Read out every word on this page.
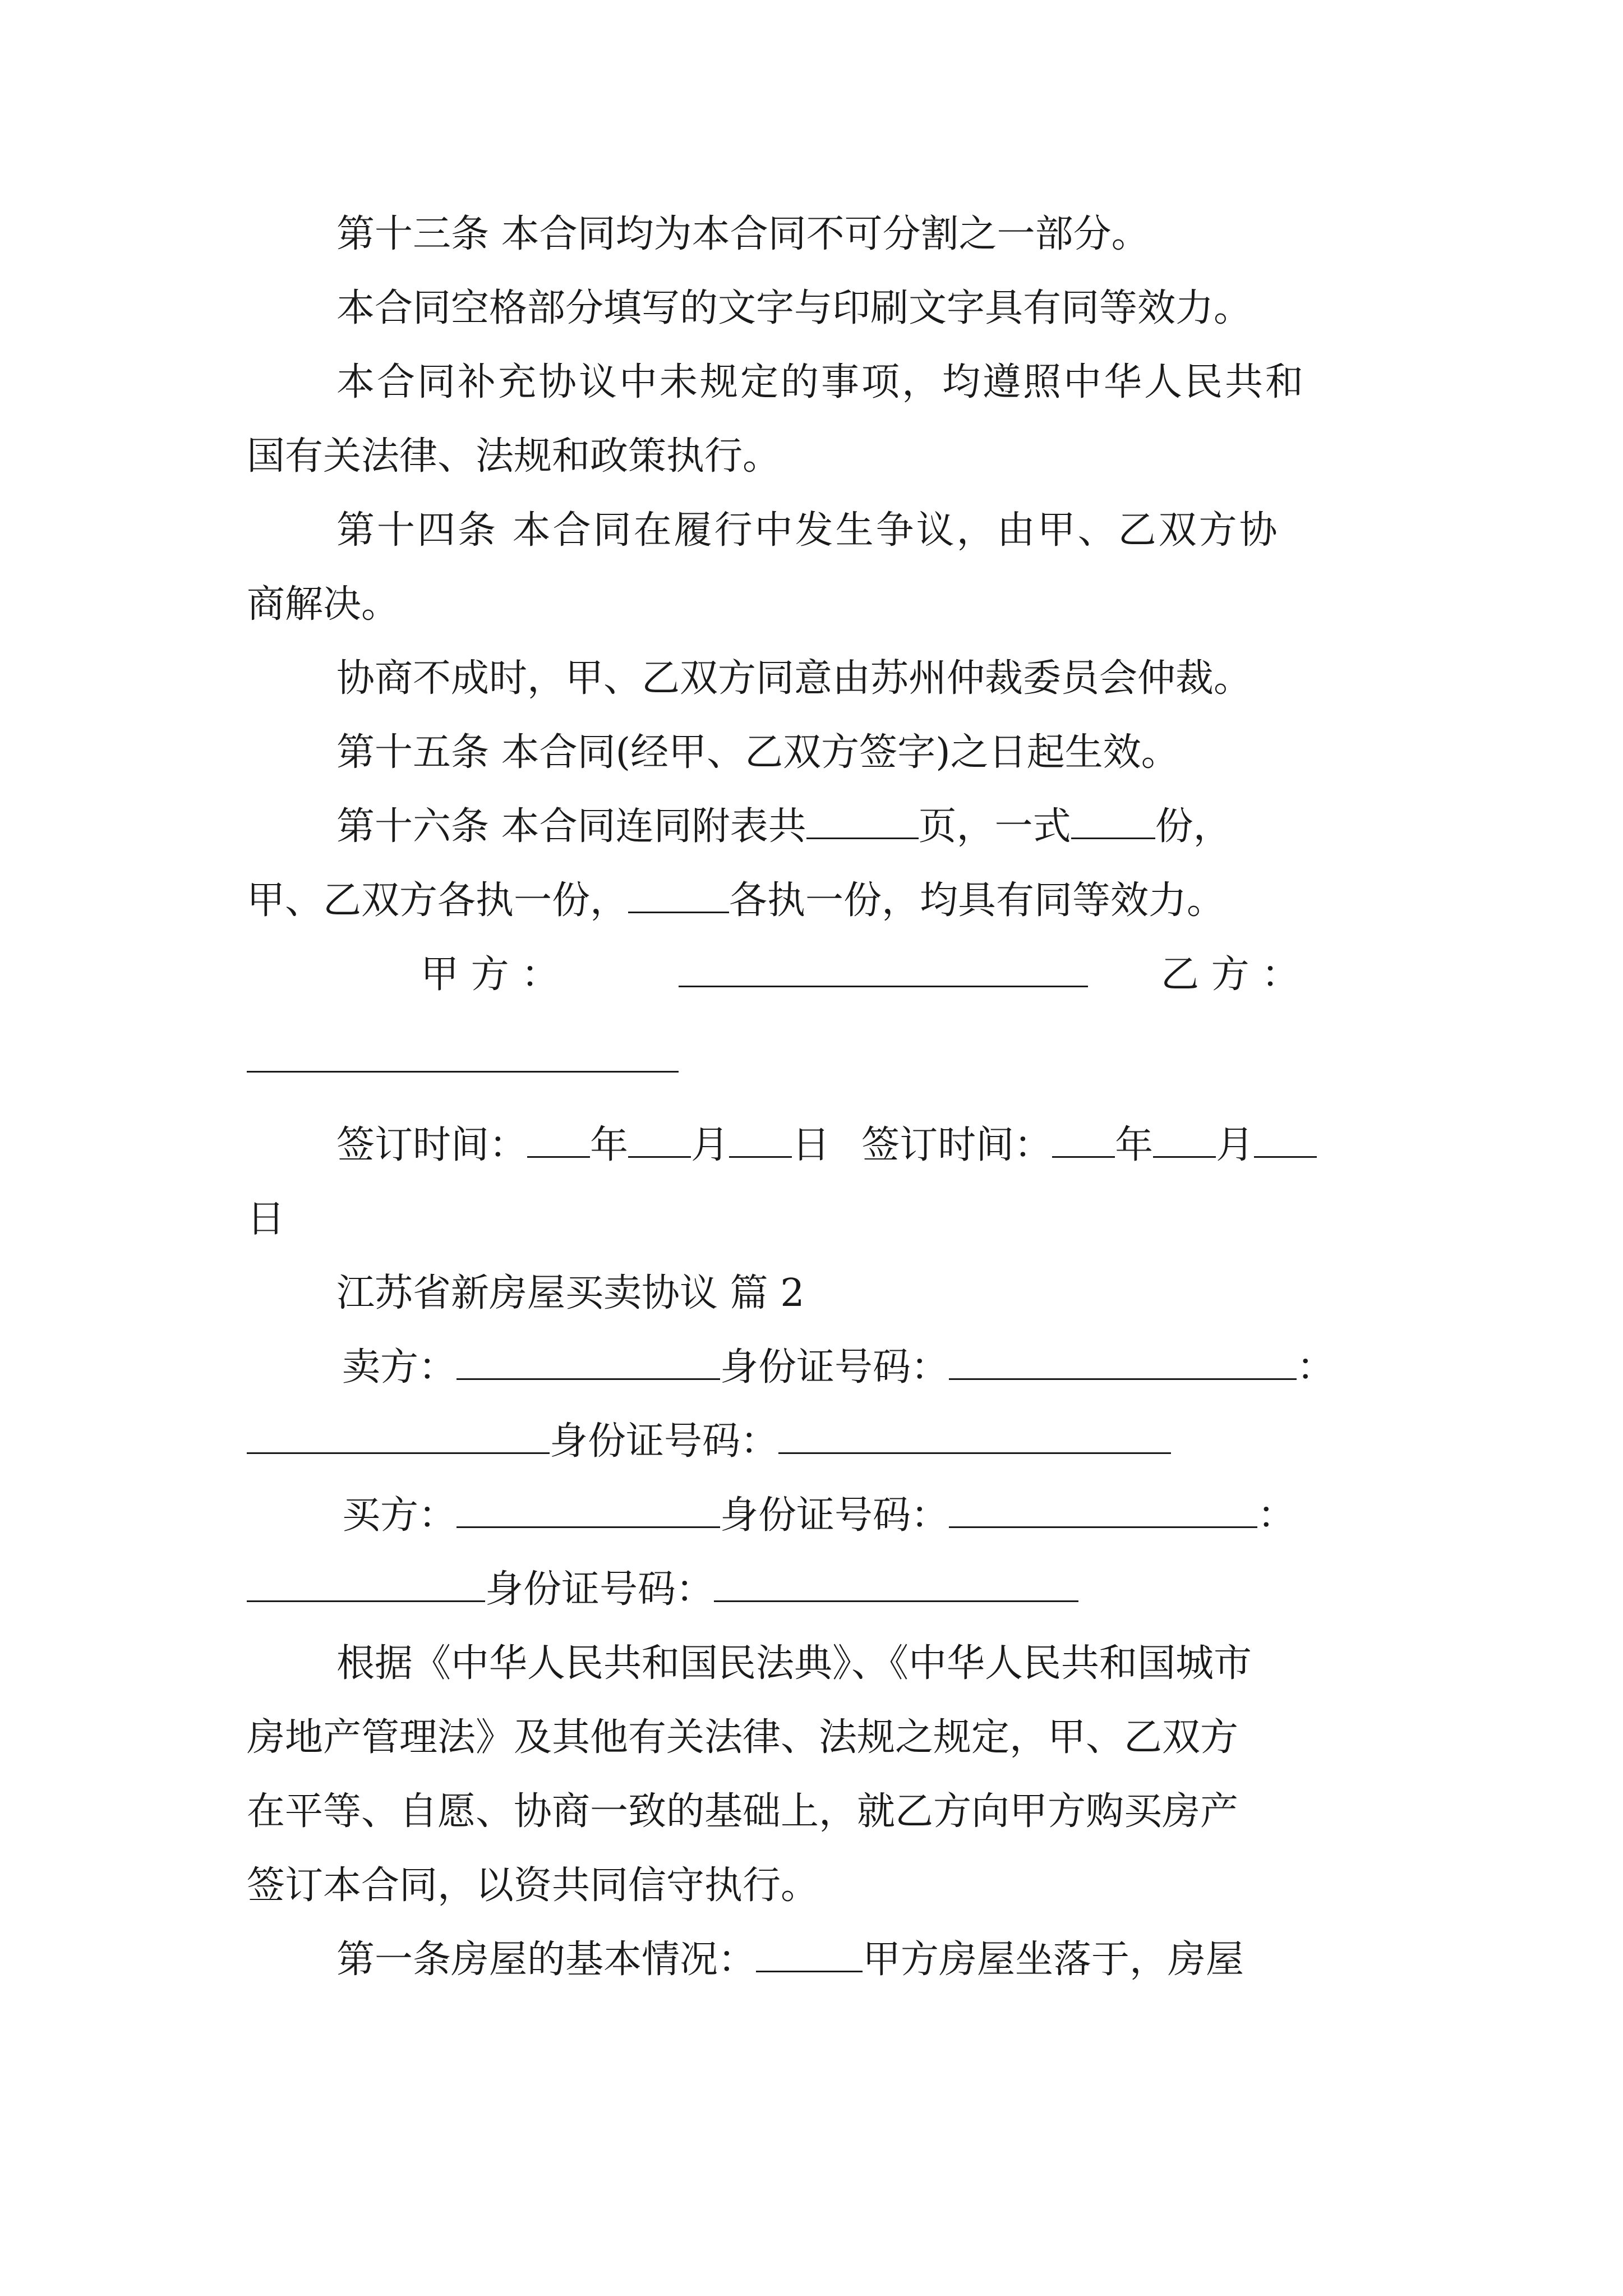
第十三条 本合同均为本合同不可分割之一部分。
本合同空格部分填写的文字与印刷文字具有同等效力。
本合同补充协议中未规定的事项，均遵照中华人民共和
国有关法律、法规和政策执行。
第十四条 本合同在履行中发生争议，由甲、乙双方协
商解决。
协商不成时，甲、乙双方同意由苏州仲裁委员会仲裁。
第十五条 本合同(经甲、乙双方签字)之日起生效。
第十六条 本合同连同附表共	页，一式 份，
甲、乙双方各执一份，	各执一份，均具有同等效力。
甲 方 ：	乙 方 ：
签订时间： 年 月 日 签订时间： 年 月
日
江苏省新房屋买卖协议 篇 2
卖方：	身份证号码：	：
身份证号码：
买方：	身份证号码：	：
身份证号码：
根据《中华人民共和国民法典》、《中华人民共和国城市
房地产管理法》及其他有关法律、法规之规定，甲、乙双方
在平等、自愿、协商一致的基础上，就乙方向甲方购买房产
签订本合同，以资共同信守执行。
第一条房屋的基本情况：	甲方房屋坐落于，房屋
